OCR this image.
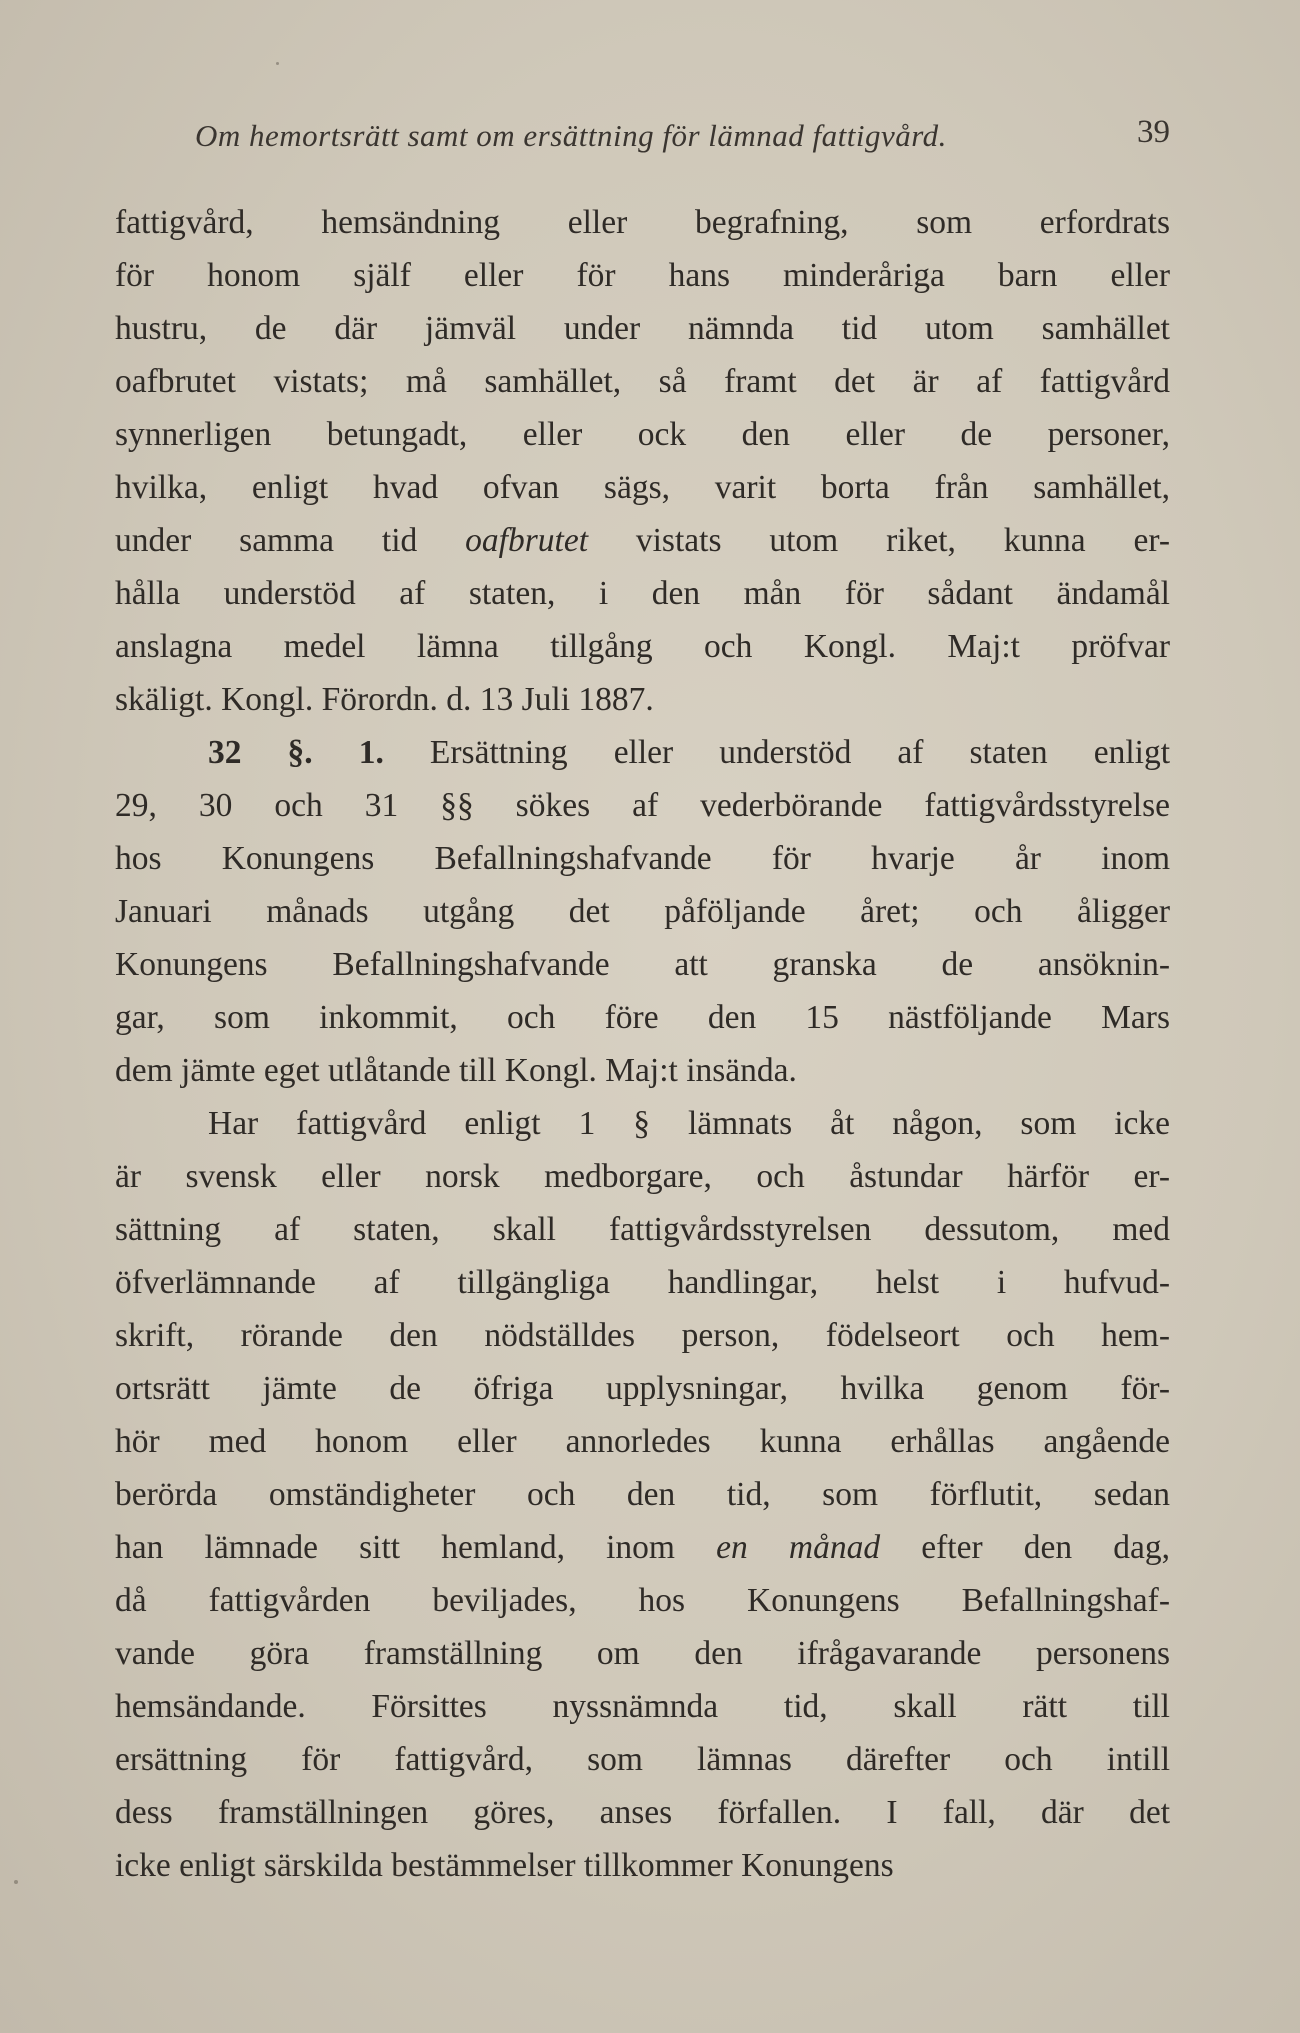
Om hemortsrätt samt om ersättning för lämnad fattigvård.	39
fattigvård, hemsändning eller begrafning, som erfordrats
för honom själf eller för hans minderåriga barn eller
hustru, de där jämväl under nämnda tid utom samhället
oafbrutet vistats; må samhället, så framt det är af fattigvård
synnerligen betungadt, eller ock den eller de personer,
hvilka, enligt hvad ofvan sägs, varit borta från samhället,
under samma tid oafbrutet vistats utom riket, kunna er-
hålla understöd af staten, i den mån för sådant ändamål
anslagna medel lämna tillgång och Kongl. Maj:t pröfvar
skäligt. Kongl. Förordn. d. 13 Juli 1887.
32 §. 1. Ersättning eller understöd af staten enligt
29, 30 och 31 §§ sökes af vederbörande fattigvårdsstyrelse
hos Konungens Befallningshafvande för hvarje år inom
Januari månads utgång det påföljande året; och åligger
Konungens Befallningshafvande att granska de ansöknin-
gar, som inkommit, och före den 15 nästföljande Mars
dem jämte eget utlåtande till Kongl. Maj:t insända.
Har fattigvård enligt 1 § lämnats åt någon, som icke
är svensk eller norsk medborgare, och åstundar härför er-
sättning af staten, skall fattigvårdsstyrelsen dessutom, med
öfverlämnande af tillgängliga handlingar, helst i hufvud-
skrift, rörande den nödställdes person, födelseort och hem-
ortsrätt jämte de öfriga upplysningar, hvilka genom för-
hör med honom eller annorledes kunna erhållas angående
berörda omständigheter och den tid, som förflutit, sedan
han lämnade sitt hemland, inom en månad efter den dag,
då fattigvården beviljades, hos Konungens Befallningshaf-
vande göra framställning om den ifrågavarande personens
hemsändande. Försittes nyssnämnda tid, skall rätt till
ersättning för fattigvård, som lämnas därefter och intill
dess framställningen göres, anses förfallen. I fall, där det
icke enligt särskilda bestämmelser tillkommer Konungens
